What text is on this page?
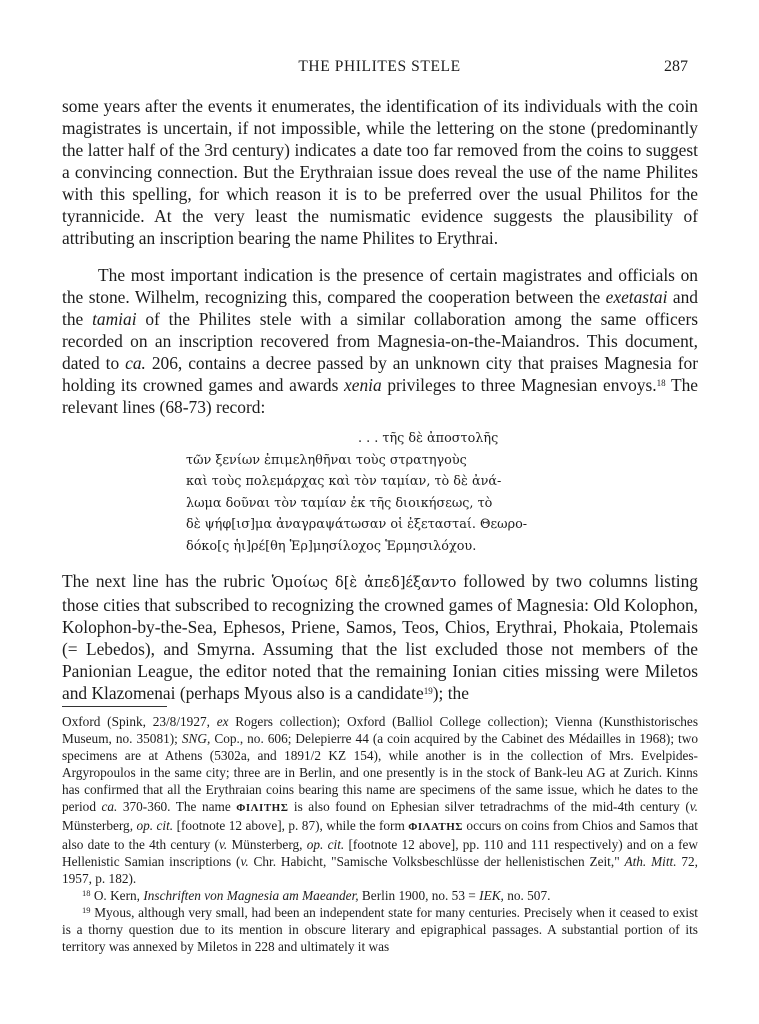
THE PHILITES STELE	287

some years after the events it enumerates, the identification of its individuals with the coin magistrates is uncertain, if not impossible, while the lettering on the stone (predominantly the latter half of the 3rd century) indicates a date too far removed from the coins to suggest a convincing connection. But the Erythraian issue does reveal the use of the name Philites with this spelling, for which reason it is to be preferred over the usual Philitos for the tyrannicide. At the very least the numismatic evidence suggests the plausibility of attributing an inscription bearing the name Philites to Erythrai.

The most important indication is the presence of certain magistrates and officials on the stone. Wilhelm, recognizing this, compared the cooperation between the exetastai and the tamiai of the Philites stele with a similar collaboration among the same officers recorded on an inscription recovered from Magnesia-on-the-Maiandros. This document, dated to ca. 206, contains a decree passed by an unknown city that praises Magnesia for holding its crowned games and awards xenia privileges to three Magnesian envoys.$^{18}$ The relevant lines (68-73) record:

. . . τῆς δὲ ἀποστολῆς
τῶν ξενίων ἐπιμεληθῆναι τοὺς στρατηγοὺς
καὶ τοὺς πολεμάρχας καὶ τὸν ταμίαν, τὸ δὲ ἀνά-
λωμα δοῦναι τὸν ταμίαν ἐκ τῆς διοικήσεως, τὸ
δὲ ψήφ[ισ]μα ἀναγραψάτωσαν οἱ ἐξεταστaί. Θεωρο-
δόκο[ς ἡι]ρέ[θη Ἑρ]μησίλοχος Ἑρμησιλόχου.

The next line has the rubric Ὁμοίως δ[ὲ ἀπεδ]έξαντο followed by two columns listing those cities that subscribed to recognizing the crowned games of Magnesia: Old Kolophon, Kolophon-by-the-Sea, Ephesos, Priene, Samos, Teos, Chios, Erythrai, Phokaia, Ptolemais (= Lebedos), and Smyrna. Assuming that the list excluded those not members of the Panionian League, the editor noted that the remaining Ionian cities missing were Miletos and Klazomenai (perhaps Myous also is a candidate$^{19}$); the

Oxford (Spink, 23/8/1927, ex Rogers collection); Oxford (Balliol College collection); Vienna (Kunsthistorisches Museum, no. 35081); SNG, Cop., no. 606; Delepierre 44 (a coin acquired by the Cabinet des Médailles in 1968); two specimens are at Athens (5302a, and 1891/2 KZ 154), while another is in the collection of Mrs. Evelpides-Argyropoulos in the same city; three are in Berlin, and one presently is in the stock of Bank-leu AG at Zurich. Kinns has confirmed that all the Erythraian coins bearing this name are specimens of the same issue, which he dates to the period ca. 370-360. The name ΦΙΛΙΤΗΣ is also found on Ephesian silver tetradrachms of the mid-4th century (v. Münsterberg, op. cit. [footnote 12 above], p. 87), while the form ΦΙΛΑΤΗΣ occurs on coins from Chios and Samos that also date to the 4th century (v. Münsterberg, op. cit. [footnote 12 above], pp. 110 and 111 respectively) and on a few Hellenistic Samian inscriptions (v. Chr. Habicht, "Samische Volksbeschlüsse der hellenistischen Zeit," Ath. Mitt. 72, 1957, p. 182).

$^{18}$ O. Kern, Inschriften von Magnesia am Maeander, Berlin 1900, no. 53 = IEK, no. 507.

$^{19}$ Myous, although very small, had been an independent state for many centuries. Precisely when it ceased to exist is a thorny question due to its mention in obscure literary and epigraphical passages. A substantial portion of its territory was annexed by Miletos in 228 and ultimately it was
